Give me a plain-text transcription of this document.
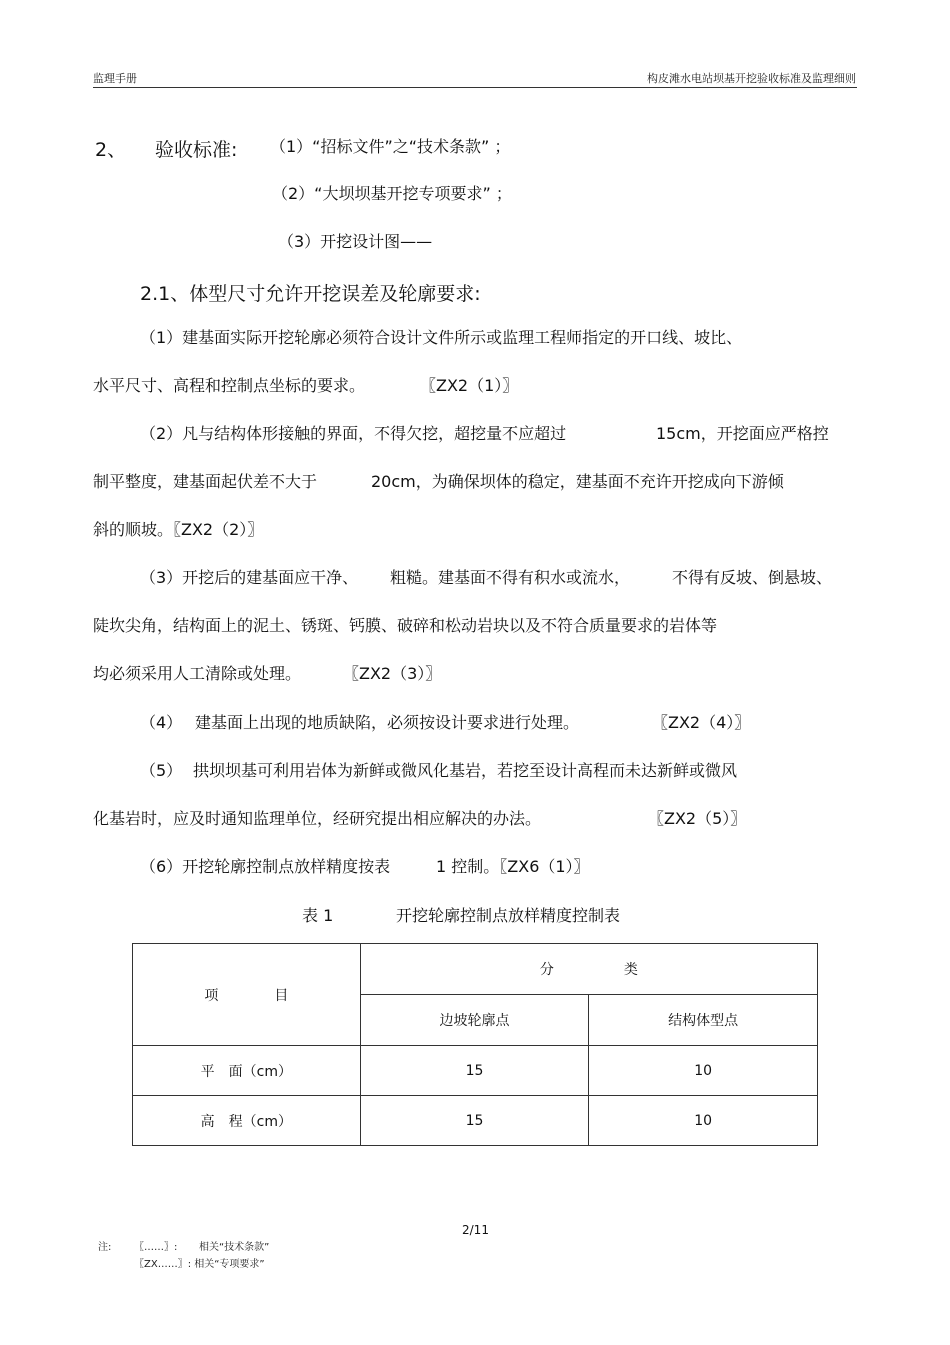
监理手册	构皮滩水电站坝基开挖验收标准及监理细则
2、 验收标准: （1）“招标文件”之“技术条款” ；
（2）“大坝坝基开挖专项要求” ；
（3）开挖设计图——
2.1、体型尺寸允许开挖误差及轮廓要求:
（1）建基面实际开挖轮廓必须符合设计文件所示或监理工程师指定的开口线、坡比、
水平尺寸、高程和控制点坐标的要求。	〖ZX2（1）〗
（2）凡与结构体形接触的界面，不得欠挖，超挖量不应超过	15cm，开挖面应严格控
制平整度，建基面起伏差不大于	20cm，为确保坝体的稳定，建基面不充许开挖成向下游倾
斜的顺坡。〖ZX2（2）〗
（3）开挖后的建基面应干净、 粗糙。建基面不得有积水或流水，	不得有反坡、倒悬坡、
陡坎尖角，结构面上的泥土、锈斑、钙膜、破碎和松动岩块以及不符合质量要求的岩体等
均必须采用人工清除或处理。	〖ZX2（3）〗
（4） 建基面上出现的地质缺陷，必须按设计要求进行处理。	〖ZX2（4）〗
（5） 拱坝坝基可利用岩体为新鲜或微风化基岩，若挖至设计高程而未达新鲜或微风
化基岩时，应及时通知监理单位，经研究提出相应解决的办法。	〖ZX2（5）〗
（6）开挖轮廓控制点放样精度按表	1 控制。〖ZX6（1）〗
表 1	开挖轮廓控制点放样精度控制表
项　　　　目	分　　　　　类	
	边坡轮廓点	结构体型点
平　面（cm）	15	10
高　程（cm）	15	10
2/11
注: 〖……〗: 相关“技术条款”
〖ZX……〗: 相关“专项要求”
